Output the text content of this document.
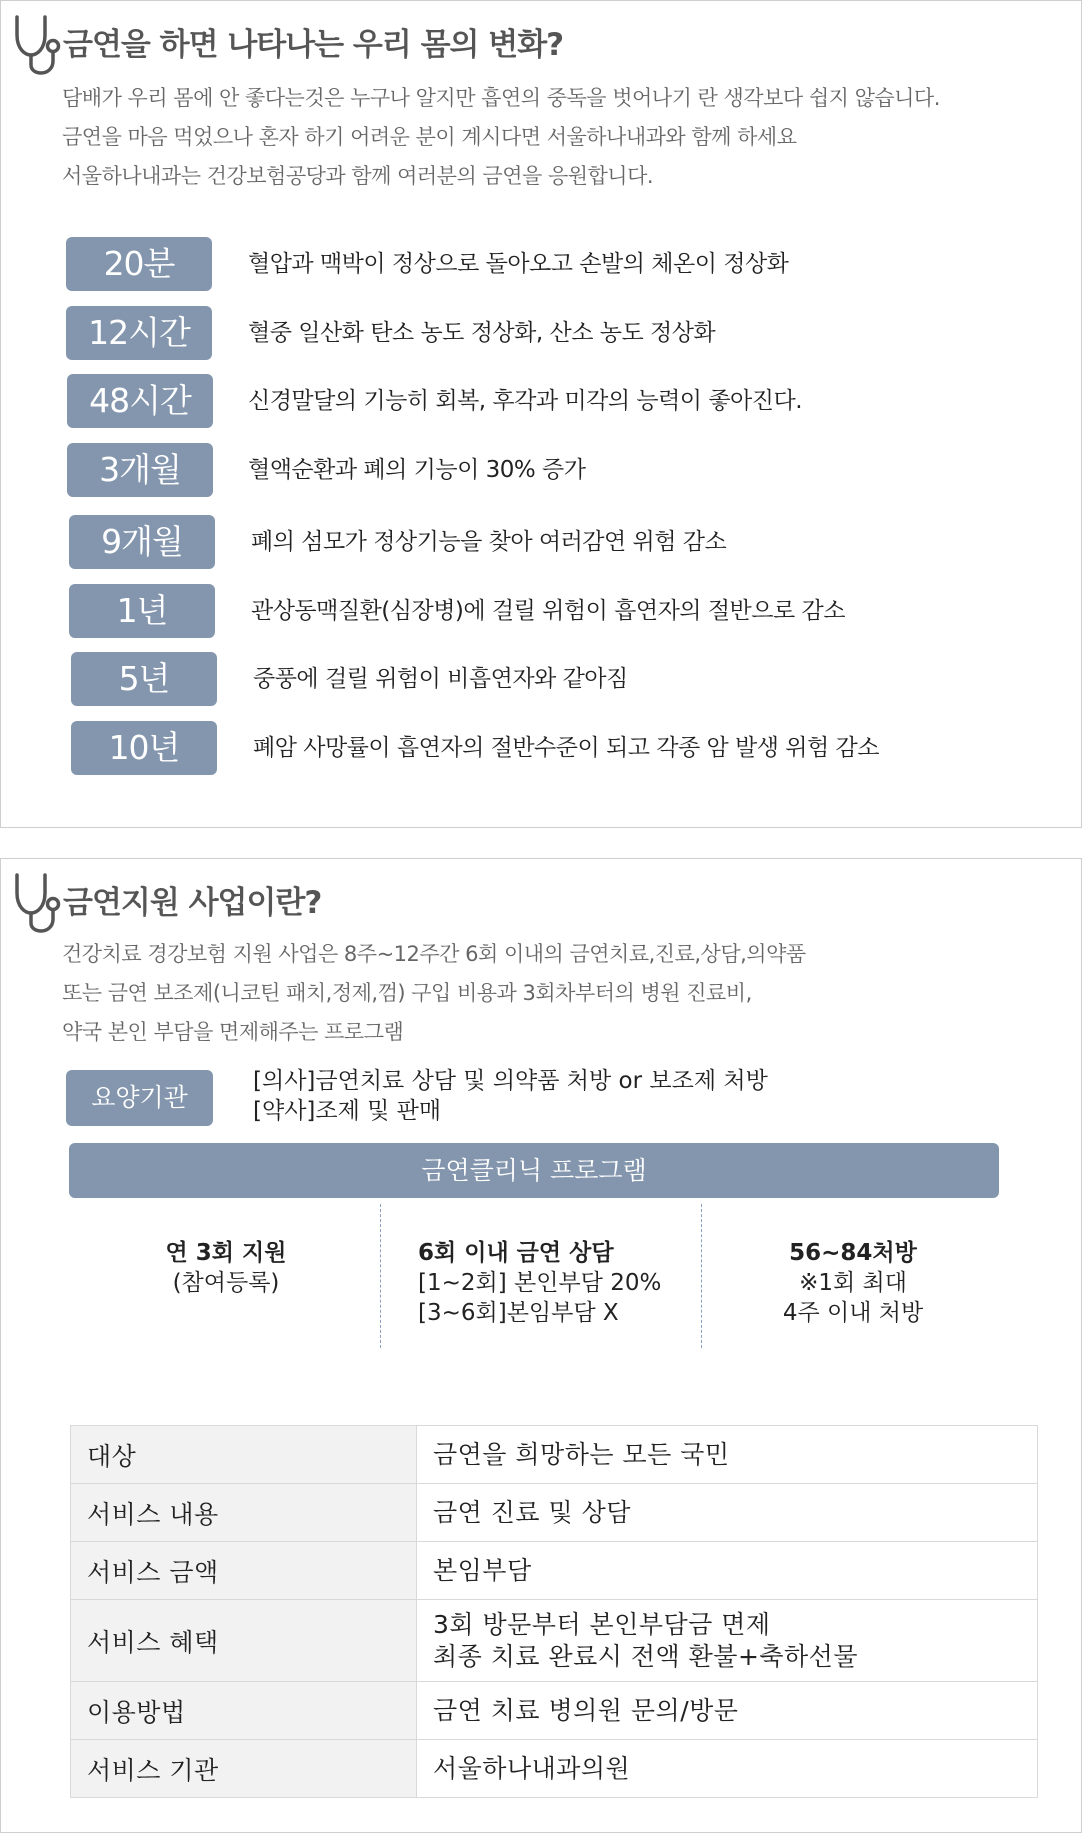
금연을 하면 나타나는 우리 몸의 변화?
담배가 우리 몸에 안 좋다는것은 누구나 알지만 흡연의 중독을 벗어나기 란 생각보다 쉽지 않습니다.
금연을 마음 먹었으나 혼자 하기 어려운 분이 계시다면 서울하나내과와 함께 하세요
서울하나내과는 건강보험공당과 함께 여러분의 금연을 응원합니다.
20분	혈압과 맥박이 정상으로 돌아오고 손발의 체온이 정상화
12시간	혈중 일산화 탄소 농도 정상화, 산소 농도 정상화
48시간	신경말달의 기능히 회복, 후각과 미각의 능력이 좋아진다.
3개월	혈액순환과 폐의 기능이 30% 증가
9개월	폐의 섬모가 정상기능을 찾아 여러감연 위험 감소
1년	관상동맥질환(심장병)에 걸릴 위험이 흡연자의 절반으로 감소
5년	중풍에 걸릴 위험이 비흡연자와 같아짐
10년	폐암 사망률이 흡연자의 절반수준이 되고 각종 암 발생 위험 감소
금연지원 사업이란?
건강치료 경강보험 지원 사업은 8주~12주간 6회 이내의 금연치료,진료,상담,의약품
또는 금연 보조제(니코틴 패치,정제,껌) 구입 비용과 3회차부터의 병원 진료비,
약국 본인 부담을 면제해주는 프로그램
요양기관
[의사]금연치료 상담 및 의약품 처방 or 보조제 처방
[약사]조제 및 판매
금연클리닉 프로그램
연 3회 지원
(참여등록)
6회 이내 금연 상담
[1~2회] 본인부담 20%
[3~6회]본임부담 X
56~84처방
※1회 최대
4주 이내 처방
대상	금연을 희망하는 모든 국민

서비스 내용	금연 진료 및 상담

서비스 금액	본임부담

서비스 혜택	3회 방문부터 본인부담금 면제
최종 치료 완료시 전액 환불+축하선물

이용방법	금연 치료 병의원 문의/방문

서비스 기관	서울하나내과의원
